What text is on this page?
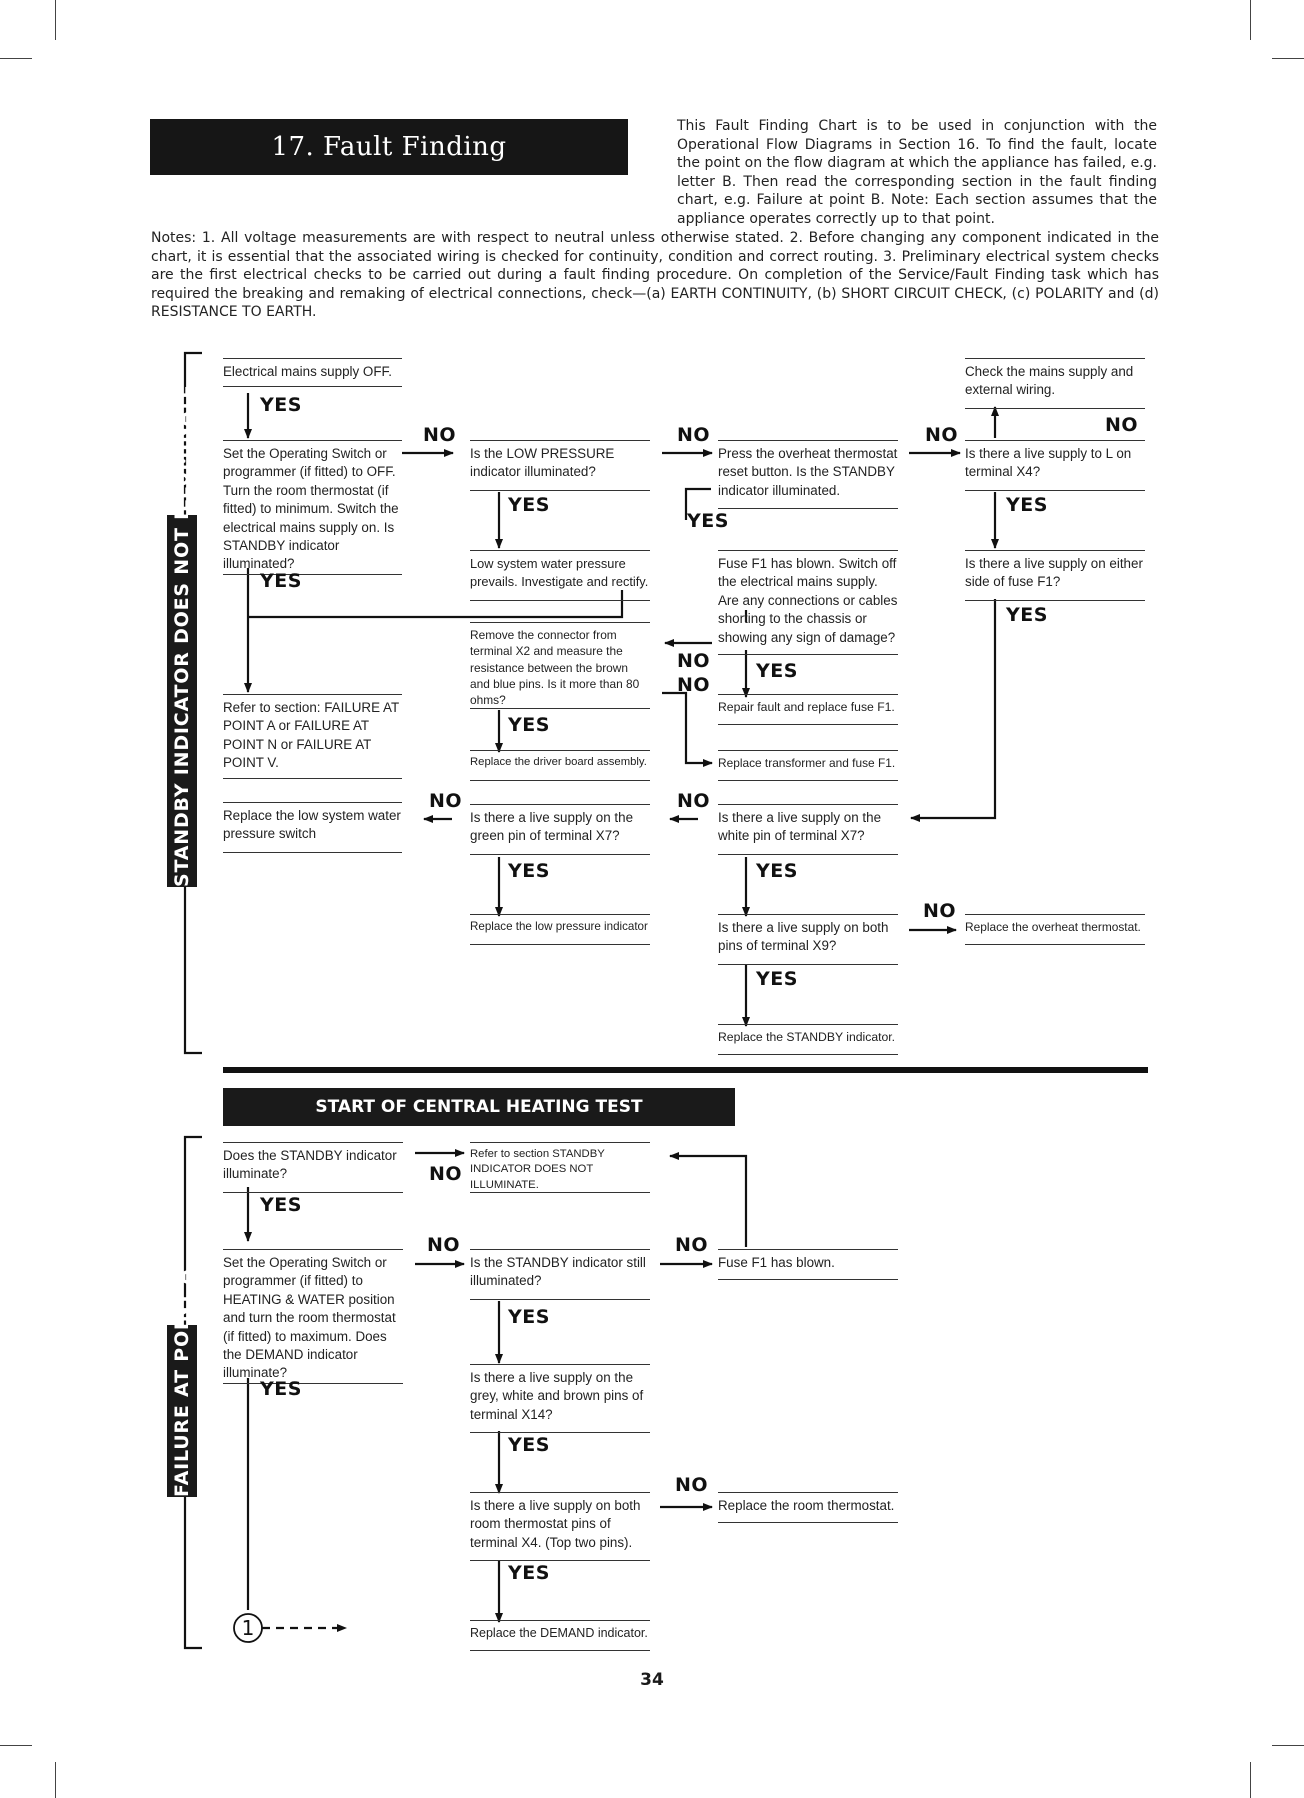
17. Fault Finding
This Fault Finding Chart is to be used in conjunction with the Operational Flow Diagrams in Section 16. To find the fault, locate the point on the flow diagram at which the appliance has failed, e.g. letter B. Then read the corresponding section in the fault finding chart, e.g. Failure at point B. Note: Each section assumes that the appliance operates correctly up to that point.
Notes: 1. All voltage measurements are with respect to neutral unless otherwise stated. 2. Before changing any component indicated in the chart, it is essential that the associated wiring is checked for continuity, condition and correct routing. 3. Preliminary electrical system checks are the first electrical checks to be carried out during a fault finding procedure. On completion of the Service/Fault Finding task which has required the breaking and remaking of electrical connections, check—(a) EARTH CONTINUITY, (b) SHORT CIRCUIT CHECK, (c) POLARITY and (d) RESISTANCE TO EARTH.
1
STANDBY INDICATOR DOES NOT ILLUMINATE
FAILURE AT POINT A
START OF CENTRAL HEATING TEST
Electrical mains supply OFF.
Set the Operating Switch or programmer (if fitted) to OFF. Turn the room thermostat (if fitted) to minimum. Switch the electrical mains supply on. Is STANDBY indicator illuminated?
Refer to section: FAILURE AT POINT A or FAILURE AT POINT N or FAILURE AT POINT V.
Replace the low system water pressure switch
Is the LOW PRESSURE indicator illuminated?
Low system water pressure prevails. Investigate and rectify.
Remove the connector from terminal X2 and measure the resistance between the brown and blue pins. Is it more than 80 ohms?
Replace the driver board assembly.
Is there a live supply on the green pin of terminal X7?
Replace the low pressure indicator
Press the overheat thermostat reset button. Is the STANDBY indicator illuminated.
Fuse F1 has blown. Switch off the electrical mains supply. Are any connections or cables shorting to the chassis or showing any sign of damage?
Repair fault and replace fuse F1.
Replace transformer and fuse F1.
Is there a live supply on the white pin of terminal X7?
Is there a live supply on both pins of terminal X9?
Replace the STANDBY indicator.
Check the mains supply and external wiring.
Is there a live supply to L on terminal X4?
Is there a live supply on either side of fuse F1?
Replace the overheat thermostat.
YES
YES
NO
YES
NO
YES
NO
NO
YES
YES
NO	NO
YES	YES
NO	NO
YES
YES
NO
YES
Does the STANDBY indicator illuminate?
Refer to section STANDBY INDICATOR DOES NOT ILLUMINATE.
Set the Operating Switch or programmer (if fitted) to HEATING & WATER position and turn the room thermostat (if fitted) to maximum. Does the DEMAND indicator illuminate?
Is the STANDBY indicator still illuminated?
Fuse F1 has blown.
Is there a live supply on the grey, white and brown pins of terminal X14?
Is there a live supply on both room thermostat pins of terminal X4. (Top two pins).
Replace the room thermostat.
Replace the DEMAND indicator.
NO
YES
NO	NO
YES
YES
YES
NO
YES
34
